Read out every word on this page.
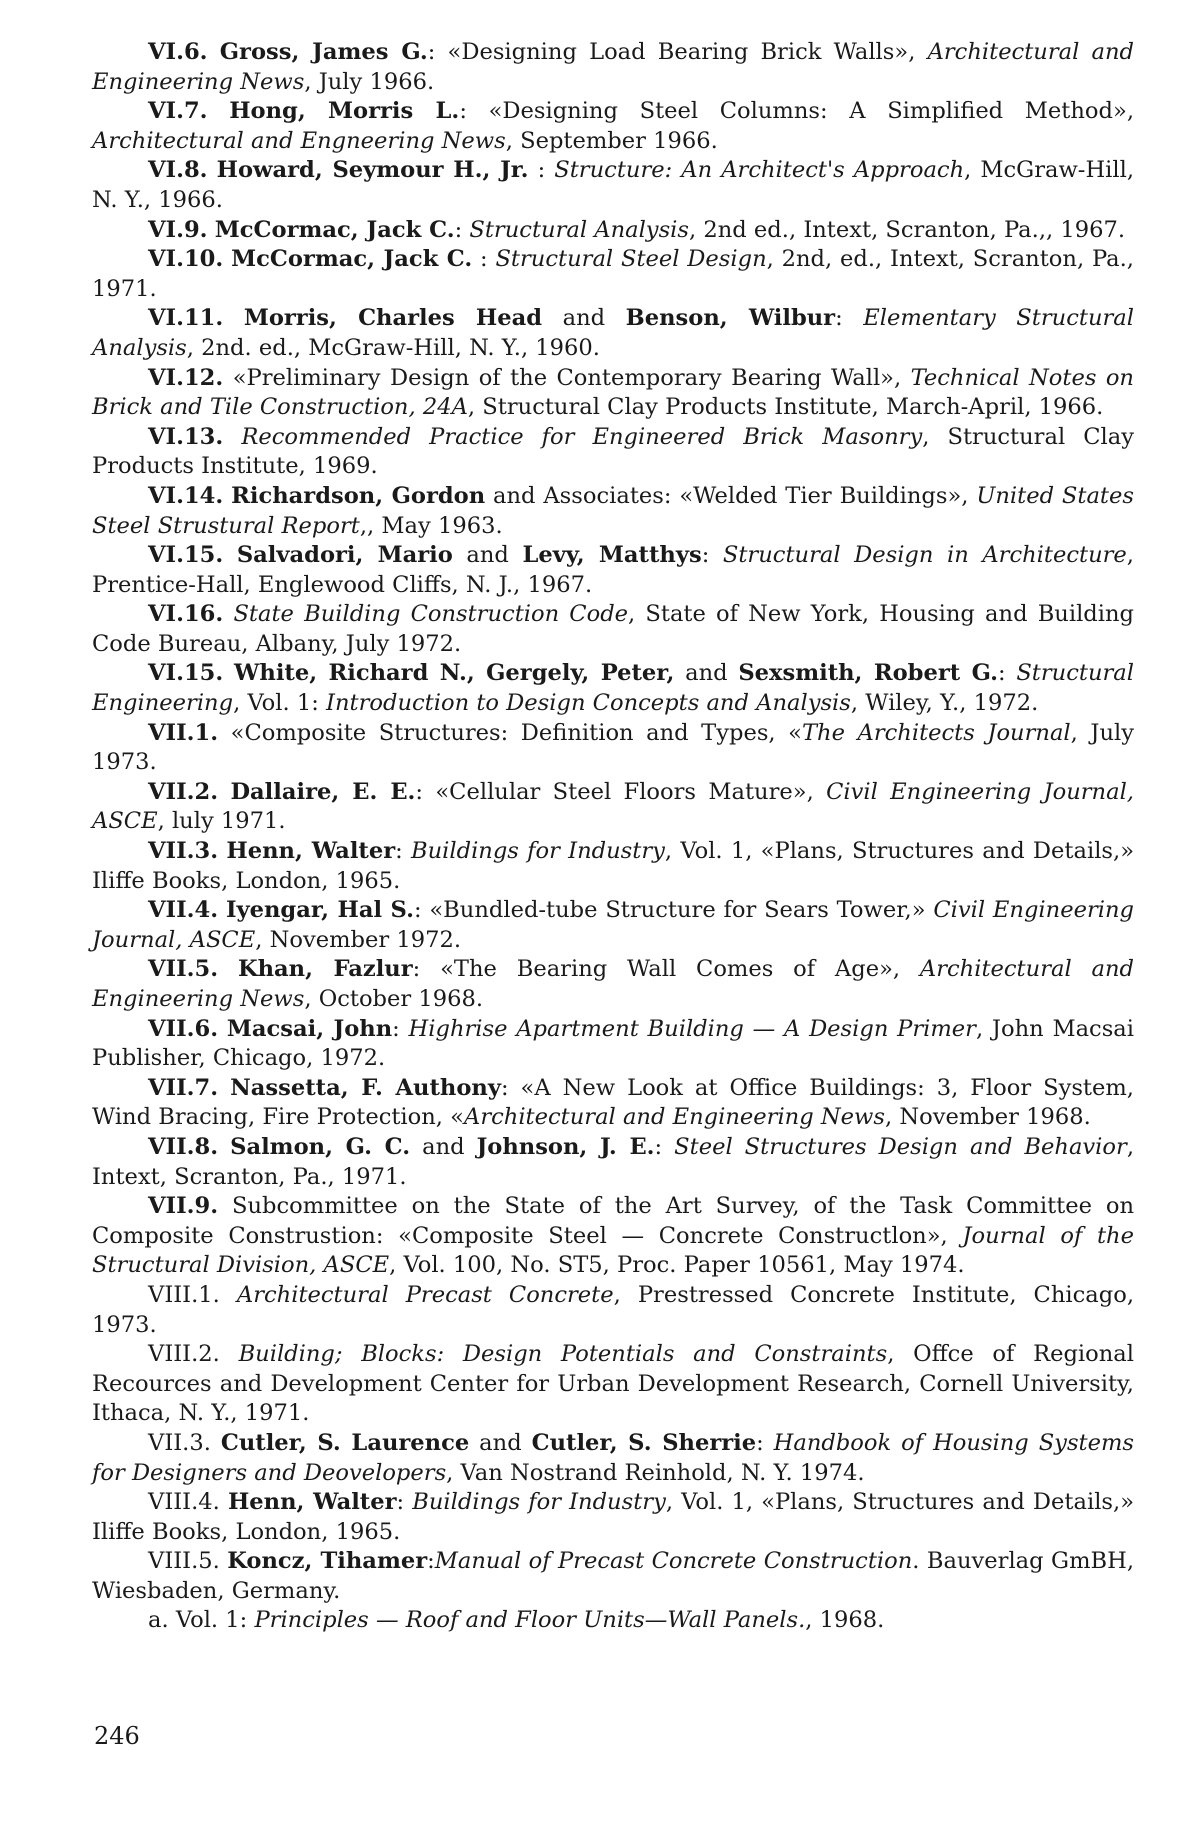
VI.6. Gross, James G.: «Designing Load Bearing Brick Walls», Architectural and Engineering News, July 1966.

VI.7. Hong, Morris L.: «Designing Steel Columns: A Simplified Method», Architectural and Engneering News, September 1966.

VI.8. Howard, Seymour H., Jr. : Structure: An Architect's Approach, McGraw-Hill, N. Y., 1966.

VI.9. McCormac, Jack C.: Structural Analysis, 2nd ed., Intext, Scranton, Pa.,, 1967.

VI.10. McCormac, Jack C. : Structural Steel Design, 2nd, ed., Intext, Scranton, Pa., 1971.

VI.11. Morris, Charles Head and Benson, Wilbur: Elementary Structural Analysis, 2nd. ed., McGraw-Hill, N. Y., 1960.

VI.12. «Preliminary Design of the Contemporary Bearing Wall», Technical Notes on Brick and Tile Construction, 24A, Structural Clay Products Institute, March-April, 1966.

VI.13. Recommended Practice for Engineered Brick Masonry, Structural Clay Products Institute, 1969.

VI.14. Richardson, Gordon and Associates: «Welded Tier Buildings», United States Steel Strustural Report,, May 1963.

VI.15. Salvadori, Mario and Levy, Matthys: Structural Design in Architecture, Prentice-Hall, Englewood Cliffs, N. J., 1967.

VI.16. State Building Construction Code, State of New York, Housing and Building Code Bureau, Albany, July 1972.

VI.15. White, Richard N., Gergely, Peter, and Sexsmith, Robert G.: Structural Engineering, Vol. 1: Introduction to Design Concepts and Analysis, Wiley, Y., 1972.

VII.1. «Composite Structures: Definition and Types, «The Architects Journal, July 1973.

VII.2. Dallaire, E. E.: «Cellular Steel Floors Mature», Civil Engineering Journal, ASCE, luly 1971.

VII.3. Henn, Walter: Buildings for Industry, Vol. 1, «Plans, Structures and Details,» Iliffe Books, London, 1965.

VII.4. Iyengar, Hal S.: «Bundled-tube Structure for Sears Tower,» Civil Engineering Journal, ASCE, November 1972.

VII.5. Khan, Fazlur: «The Bearing Wall Comes of Age», Architectural and Engineering News, October 1968.

VII.6. Macsai, John: Highrise Apartment Building — A Design Primer, John Macsai Publisher, Chicago, 1972.

VII.7. Nassetta, F. Authony: «A New Look at Office Buildings: 3, Floor System, Wind Bracing, Fire Protection, «Architectural and Engineering News, November 1968.

VII.8. Salmon, G. C. and Johnson, J. E.: Steel Structures Design and Behavior, Intext, Scranton, Pa., 1971.

VII.9. Subcommittee on the State of the Art Survey, of the Task Committee on Composite Construstion: «Composite Steel — Concrete Constructlon», Journal of the Structural Division, ASCE, Vol. 100, No. ST5, Proc. Paper 10561, May 1974.

VIII.1. Architectural Precast Concrete, Prestressed Concrete Institute, Chicago, 1973.

VIII.2. Building; Blocks: Design Potentials and Constraints, Offce of Regional Recources and Development Center for Urban Development Research, Cornell University, Ithaca, N. Y., 1971.

VII.3. Cutler, S. Laurence and Cutler, S. Sherrie: Handbook of Housing Systems for Designers and Deovelopers, Van Nostrand Reinhold, N. Y. 1974.

VIII.4. Henn, Walter: Buildings for Industry, Vol. 1, «Plans, Structures and Details,» Iliffe Books, London, 1965.

VIII.5. Koncz, Tihamer:Manual of Precast Concrete Construction. Bauverlag GmBH, Wiesbaden, Germany.

a. Vol. 1: Principles — Roof and Floor Units—Wall Panels., 1968.

246
